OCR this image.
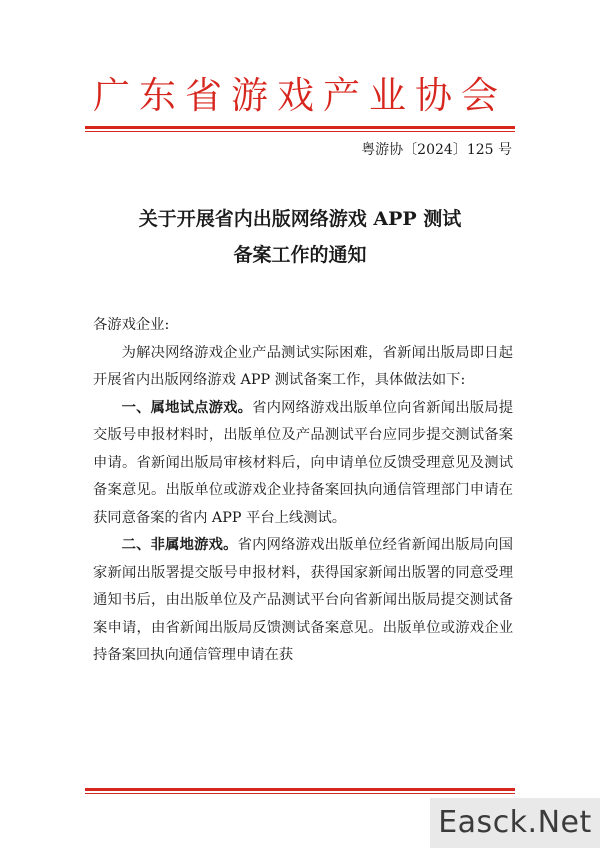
广东省游戏产业协会
粤游协〔2024〕125 号
关于开展省内出版网络游戏 APP 测试
备案工作的通知

各游戏企业:

为解决网络游戏企业产品测试实际困难，省新闻出版局即日起开展省内出版网络游戏 APP 测试备案工作，具体做法如下:

一、属地试点游戏。省内网络游戏出版单位向省新闻出版局提交版号申报材料时，出版单位及产品测试平台应同步提交测试备案申请。省新闻出版局审核材料后，向申请单位反馈受理意见及测试备案意见。出版单位或游戏企业持备案回执向通信管理部门申请在获同意备案的省内 APP 平台上线测试。

二、非属地游戏。省内网络游戏出版单位经省新闻出版局向国家新闻出版署提交版号申报材料，获得国家新闻出版署的同意受理通知书后，由出版单位及产品测试平台向省新闻出版局提交测试备案申请，由省新闻出版局反馈测试备案意见。出版单位或游戏企业持备案回执向通信管理申请在获

Easck.Net
